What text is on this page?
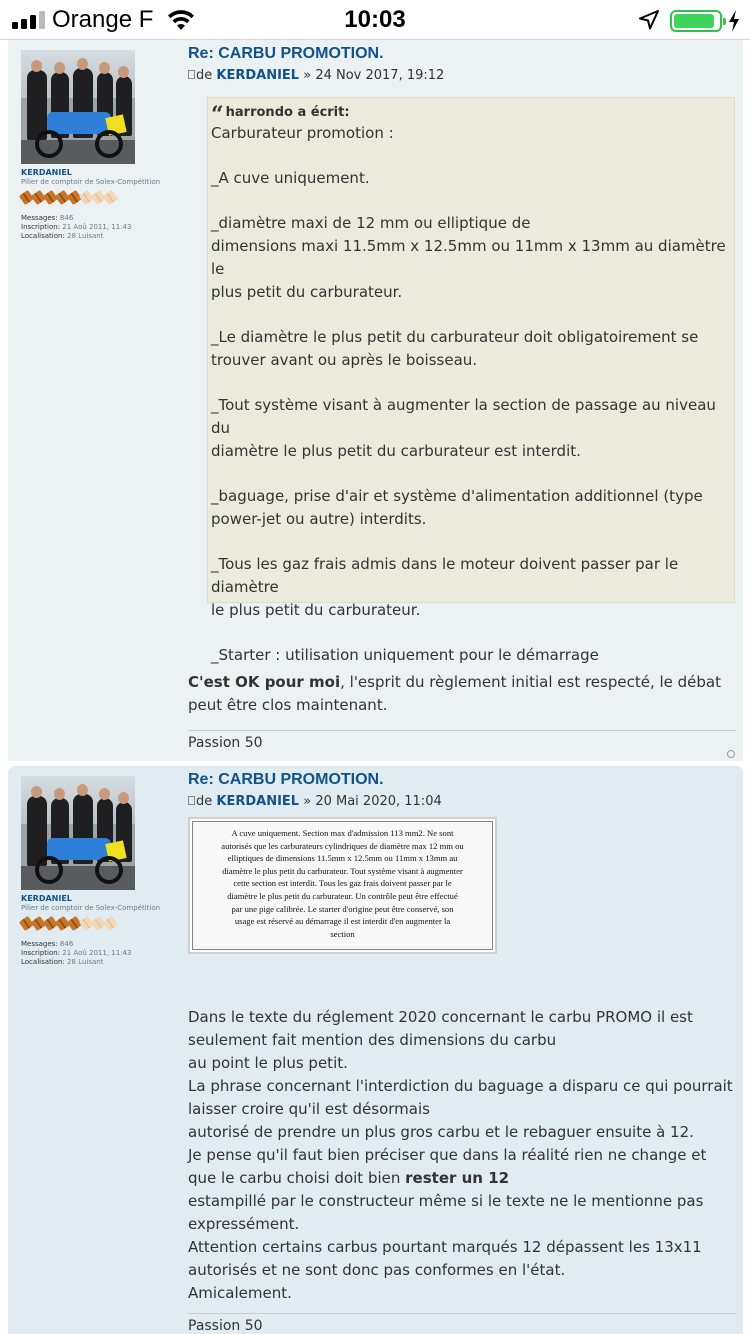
Orange F	10:03
KERDANIEL
Pilier de comptoir de Solex-Compétition
Messages: 846
Inscription: 21 Aoû 2011, 11:43
Localisation: 28 Luisant
Re: CARBU PROMOTION.
de KERDANIEL » 24 Nov 2017, 19:12
“ harrondo a écrit:
Carburateur promotion :
_A cuve uniquement.
_diamètre maxi de 12 mm ou elliptique de
dimensions maxi 11.5mm x 12.5mm ou 11mm x 13mm au diamètre le
plus petit du carburateur.
_Le diamètre le plus petit du carburateur doit obligatoirement se
trouver avant ou après le boisseau.
_Tout système visant à augmenter la section de passage au niveau du
diamètre le plus petit du carburateur est interdit.
_baguage, prise d'air et système d'alimentation additionnel (type
power-jet ou autre) interdits.
_Tous les gaz frais admis dans le moteur doivent passer par le diamètre
le plus petit du carburateur.
_Starter : utilisation uniquement pour le démarrage
C'est OK pour moi, l'esprit du règlement initial est respecté, le débat
peut être clos maintenant.
Passion 50
KERDANIEL
Pilier de comptoir de Solex-Compétition
Messages: 846
Inscription: 21 Aoû 2011, 11:43
Localisation: 28 Luisant
Re: CARBU PROMOTION.
de KERDANIEL » 20 Mai 2020, 11:04
A cuve uniquement. Section max d'admission 113 mm2. Ne sont
autorisés que les carburateurs cylindriques de diamètre max 12 mm ou
elliptiques de dimensions 11.5mm x 12.5mm ou 11mm x 13mm au
diamètre le plus petit du carburateur. Tout système visant à augmenter
cette section est interdit. Tous les gaz frais doivent passer par le
diamètre le plus petit du carburateur. Un contrôle peut être effectué
par une pige calibrée. Le starter d'origine peut être conservé, son
usage est réservé au démarrage il est interdit d'en augmenter la
section
Dans le texte du réglement 2020 concernant le carbu PROMO il est
seulement fait mention des dimensions du carbu
au point le plus petit.
La phrase concernant l'interdiction du baguage a disparu ce qui pourrait
laisser croire qu'il est désormais
autorisé de prendre un plus gros carbu et le rebaguer ensuite à 12.
Je pense qu'il faut bien préciser que dans la réalité rien ne change et
que le carbu choisi doit bien rester un 12
estampillé par le constructeur même si le texte ne le mentionne pas
expressément.
Attention certains carbus pourtant marqués 12 dépassent les 13x11
autorisés et ne sont donc pas conformes en l'état.
Amicalement.
Passion 50
